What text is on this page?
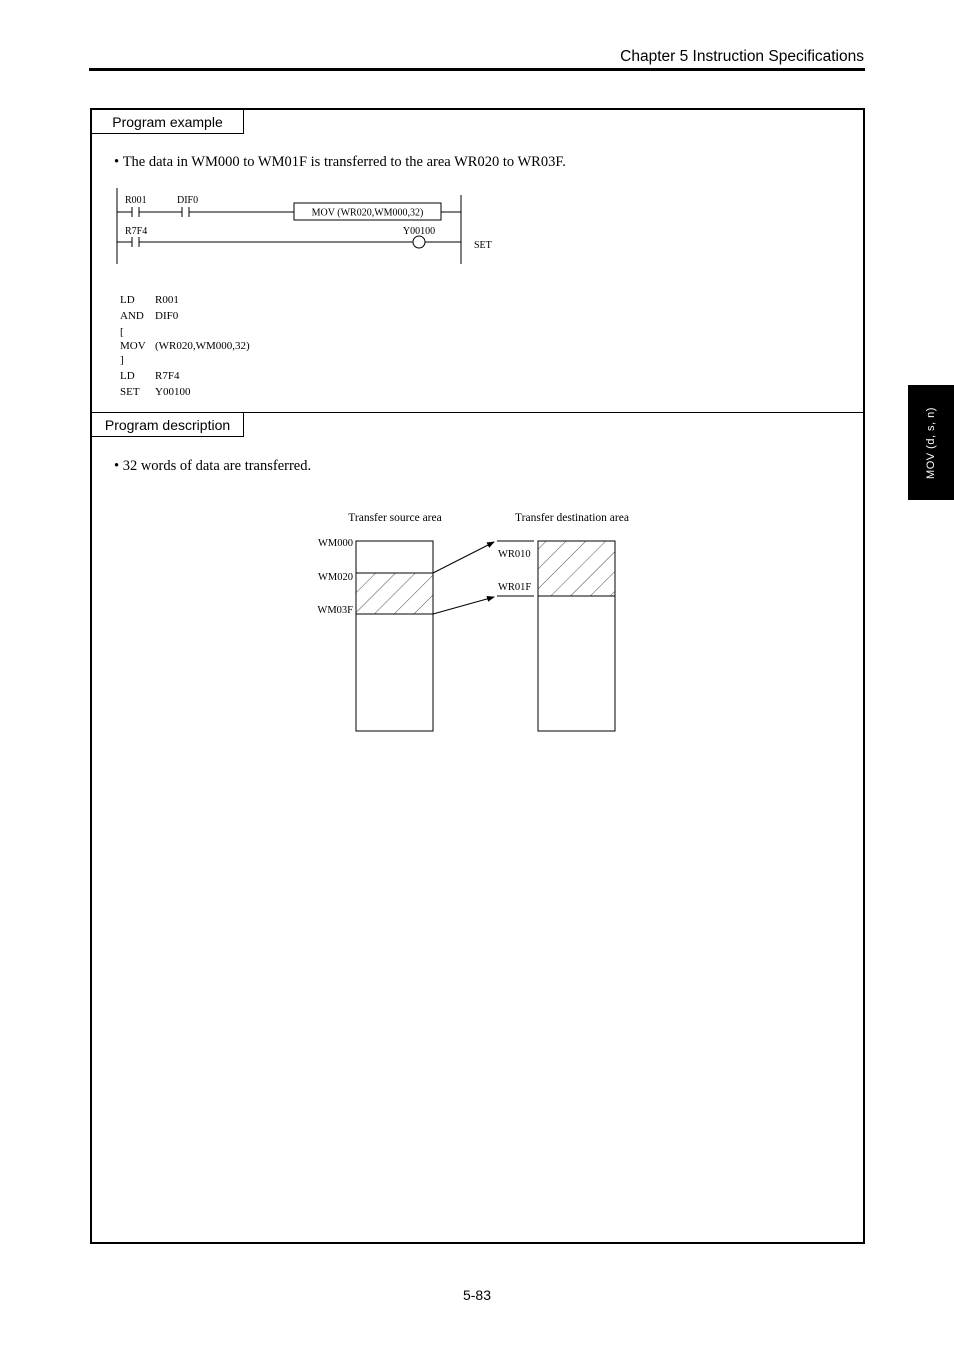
Chapter 5 Instruction Specifications
MOV (d, s, n)
Program example
• The data in WM000 to WM01F is transferred to the area WR020 to WR03F.
R001	DIF0
MOV (WR020,WM000,32)
R7F4	Y00100
SET
LD	R001
AND	DIF0
[
MOV (WR020,WM000,32)
]
LD	R7F4
SET	Y00100
Program description
• 32 words of data are transferred.
Transfer source area	Transfer destination area
WM000
WM020
WM03F
WR010
WR01F
5-83
